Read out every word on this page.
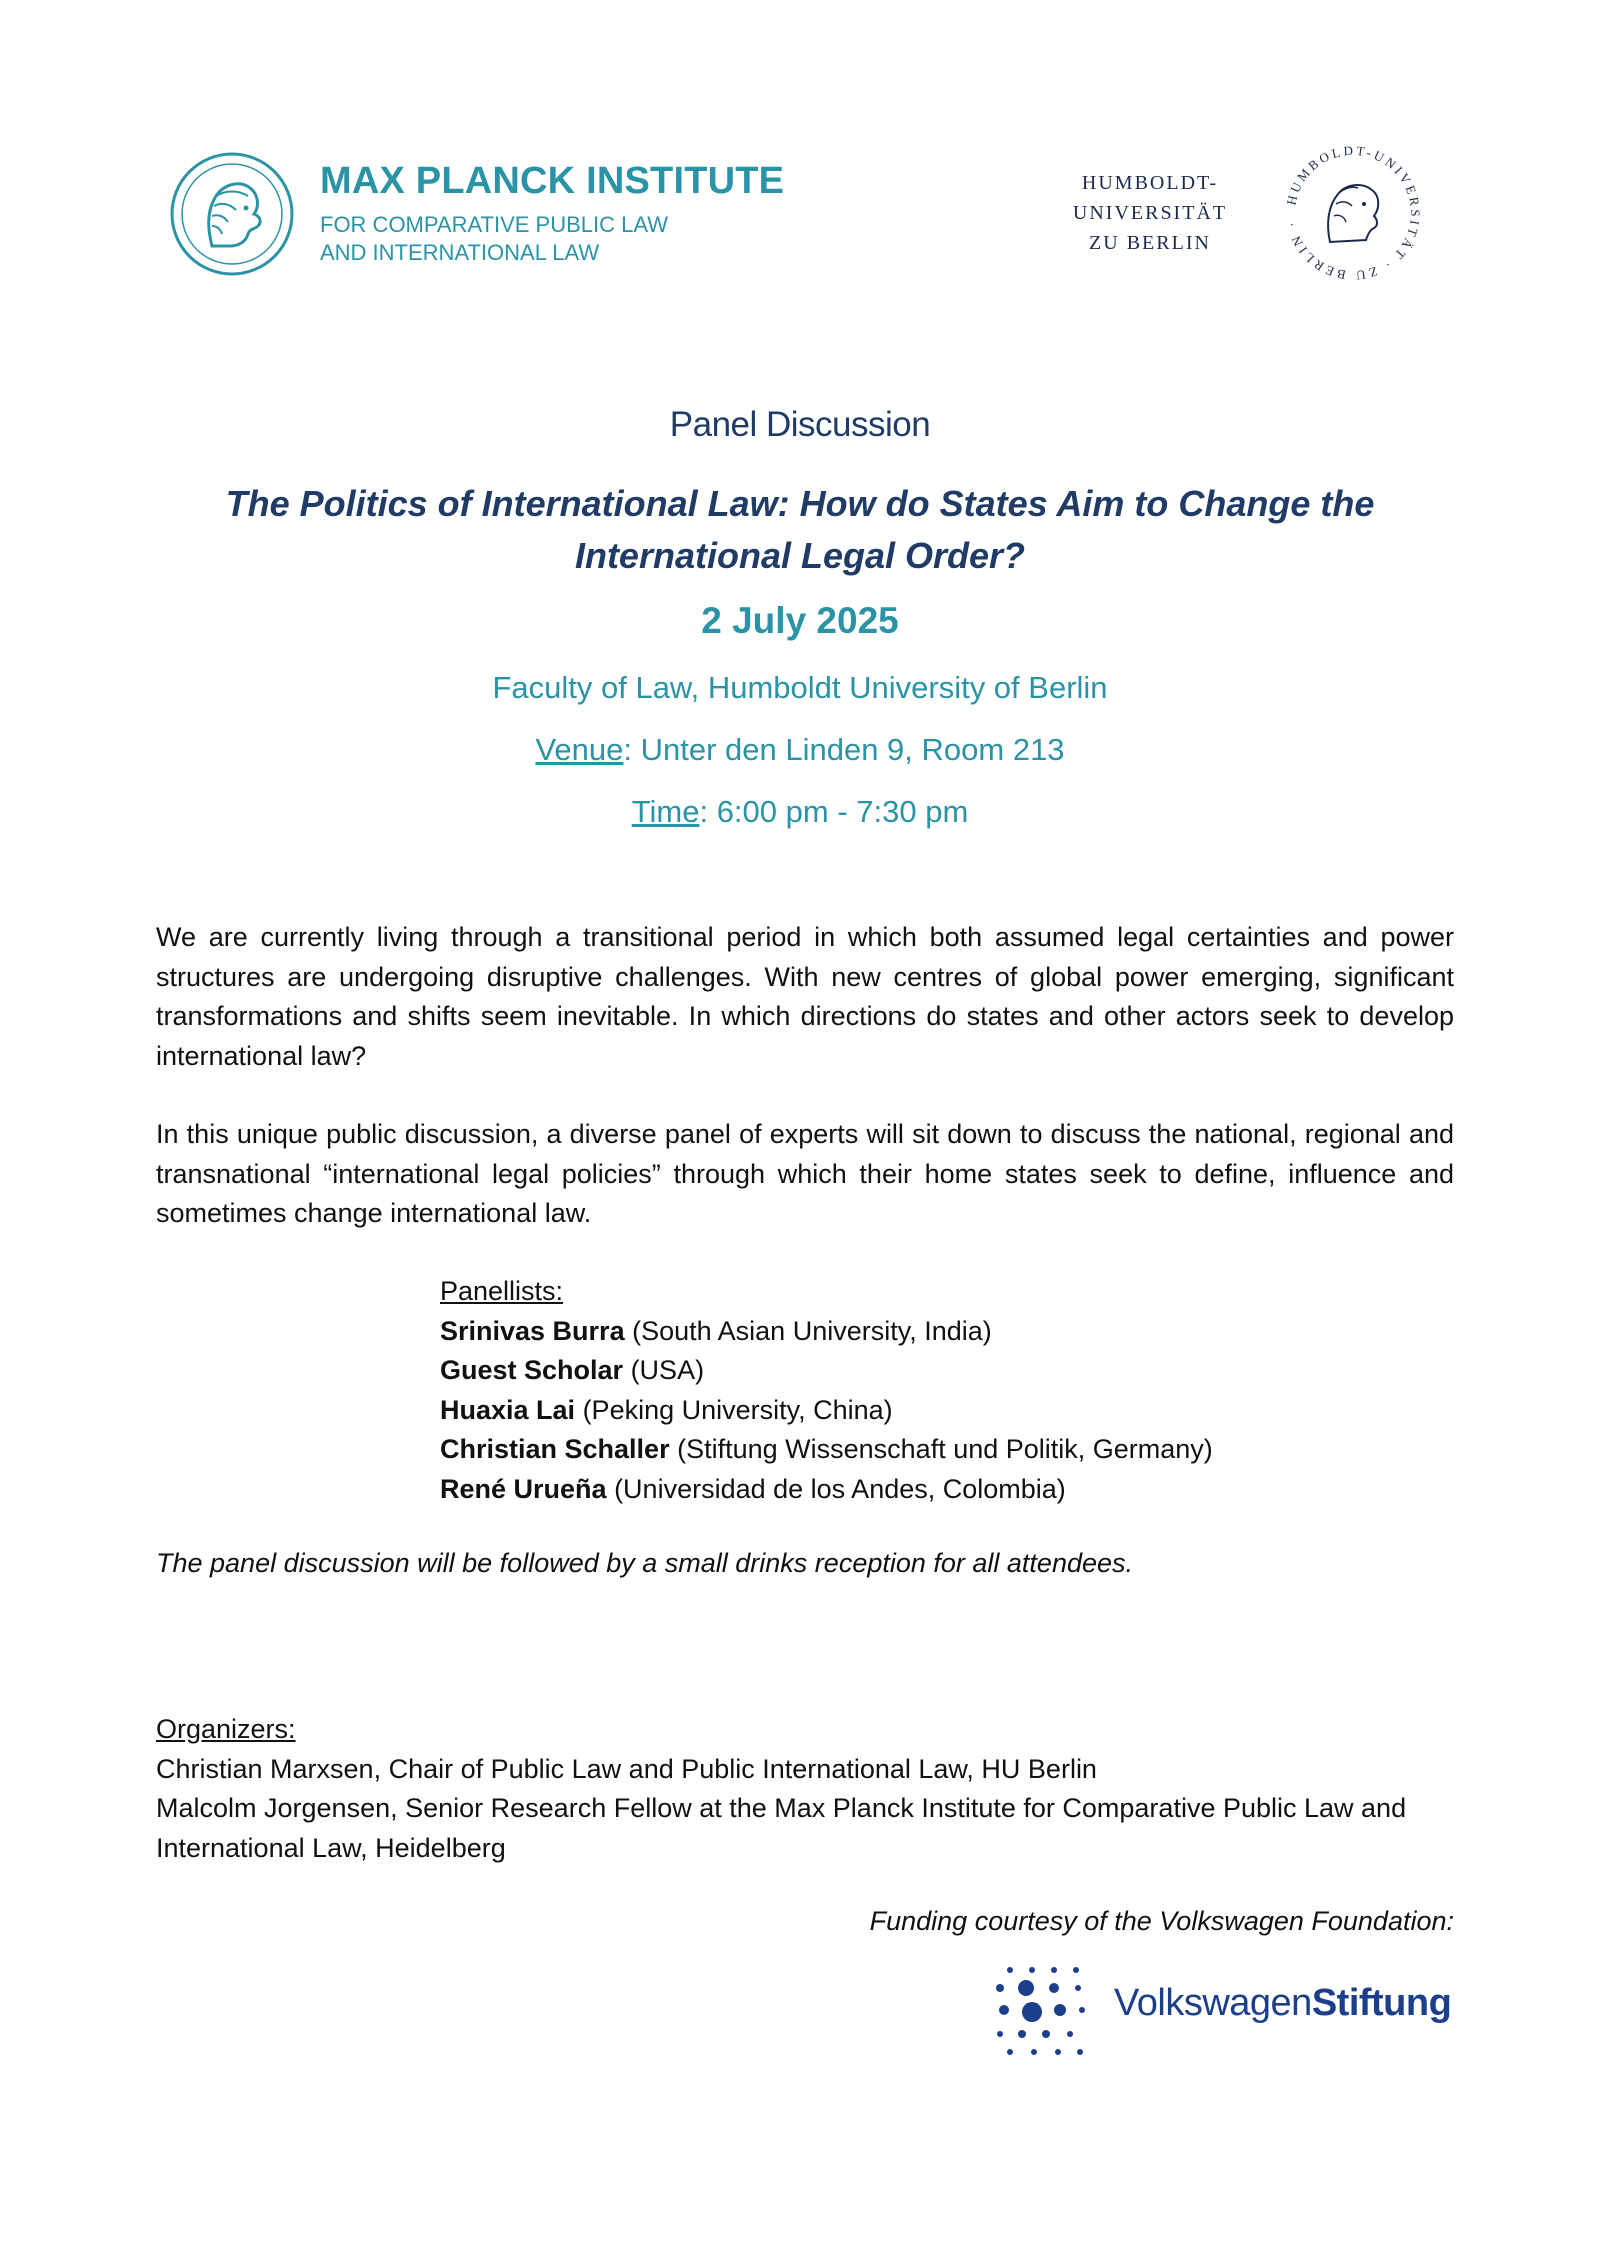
MAX PLANCK INSTITUTE
FOR COMPARATIVE PUBLIC LAW
AND INTERNATIONAL LAW
HUMBOLDT-
UNIVERSITÄT
ZU BERLIN
HUMBOLDT-UNIVERSITÄT · ZU BERLIN ·
Panel Discussion
The Politics of International Law: How do States Aim to Change the International Legal Order?
2 July 2025
Faculty of Law, Humboldt University of Berlin
Venue: Unter den Linden 9, Room 213
Time: 6:00 pm - 7:30 pm
We are currently living through a transitional period in which both assumed legal certainties and power structures are undergoing disruptive challenges. With new centres of global power emerging, significant transformations and shifts seem inevitable. In which directions do states and other actors seek to develop international law?
In this unique public discussion, a diverse panel of experts will sit down to discuss the national, regional and transnational “international legal policies” through which their home states seek to define, influence and sometimes change international law.
Panellists:
Srinivas Burra (South Asian University, India)
Guest Scholar (USA)
Huaxia Lai (Peking University, China)
Christian Schaller (Stiftung Wissenschaft und Politik, Germany)
René Urueña (Universidad de los Andes, Colombia)
The panel discussion will be followed by a small drinks reception for all attendees.
Organizers:
Christian Marxsen, Chair of Public Law and Public International Law, HU Berlin
Malcolm Jorgensen, Senior Research Fellow at the Max Planck Institute for Comparative Public Law and International Law, Heidelberg
Funding courtesy of the Volkswagen Foundation:
VolkswagenStiftung
